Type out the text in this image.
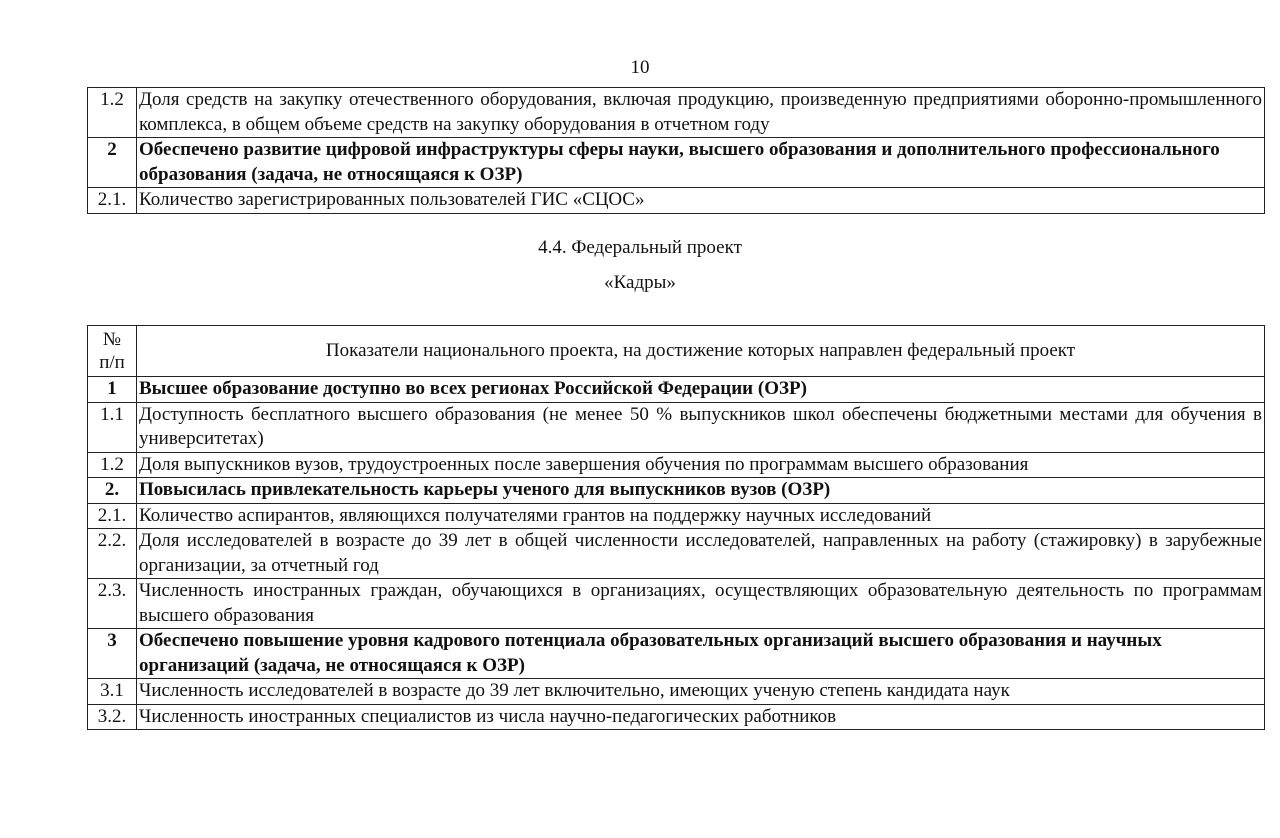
10
1.2	Доля средств на закупку отечественного оборудования, включая продукцию, произведенную предприятиями оборонно-промышленного комплекса, в общем объеме средств на закупку оборудования в отчетном году
2	Обеспечено развитие цифровой инфраструктуры сферы науки, высшего образования и дополнительного профессионального образования (задача, не относящаяся к ОЗР)
2.1.	Количество зарегистрированных пользователей ГИС «СЦОС»
4.4. Федеральный проект
«Кадры»
№
п/п	Показатели национального проекта, на достижение которых направлен федеральный проект
1	Высшее образование доступно во всех регионах Российской Федерации (ОЗР)
1.1	Доступность бесплатного высшего образования (не менее 50 % выпускников школ обеспечены бюджетными местами для обучения в университетах)
1.2	Доля выпускников вузов, трудоустроенных после завершения обучения по программам высшего образования
2.	Повысилась привлекательность карьеры ученого для выпускников вузов (ОЗР)
2.1.	Количество аспирантов, являющихся получателями грантов на поддержку научных исследований
2.2.	Доля исследователей в возрасте до 39 лет в общей численности исследователей, направленных на работу (стажировку) в зарубежные организации, за отчетный год
2.3.	Численность иностранных граждан, обучающихся в организациях, осуществляющих образовательную деятельность по программам высшего образования
3	Обеспечено повышение уровня кадрового потенциала образовательных организаций высшего образования и научных организаций (задача, не относящаяся к ОЗР)
3.1	Численность исследователей в возрасте до 39 лет включительно, имеющих ученую степень кандидата наук
3.2.	Численность иностранных специалистов из числа научно-педагогических работников
